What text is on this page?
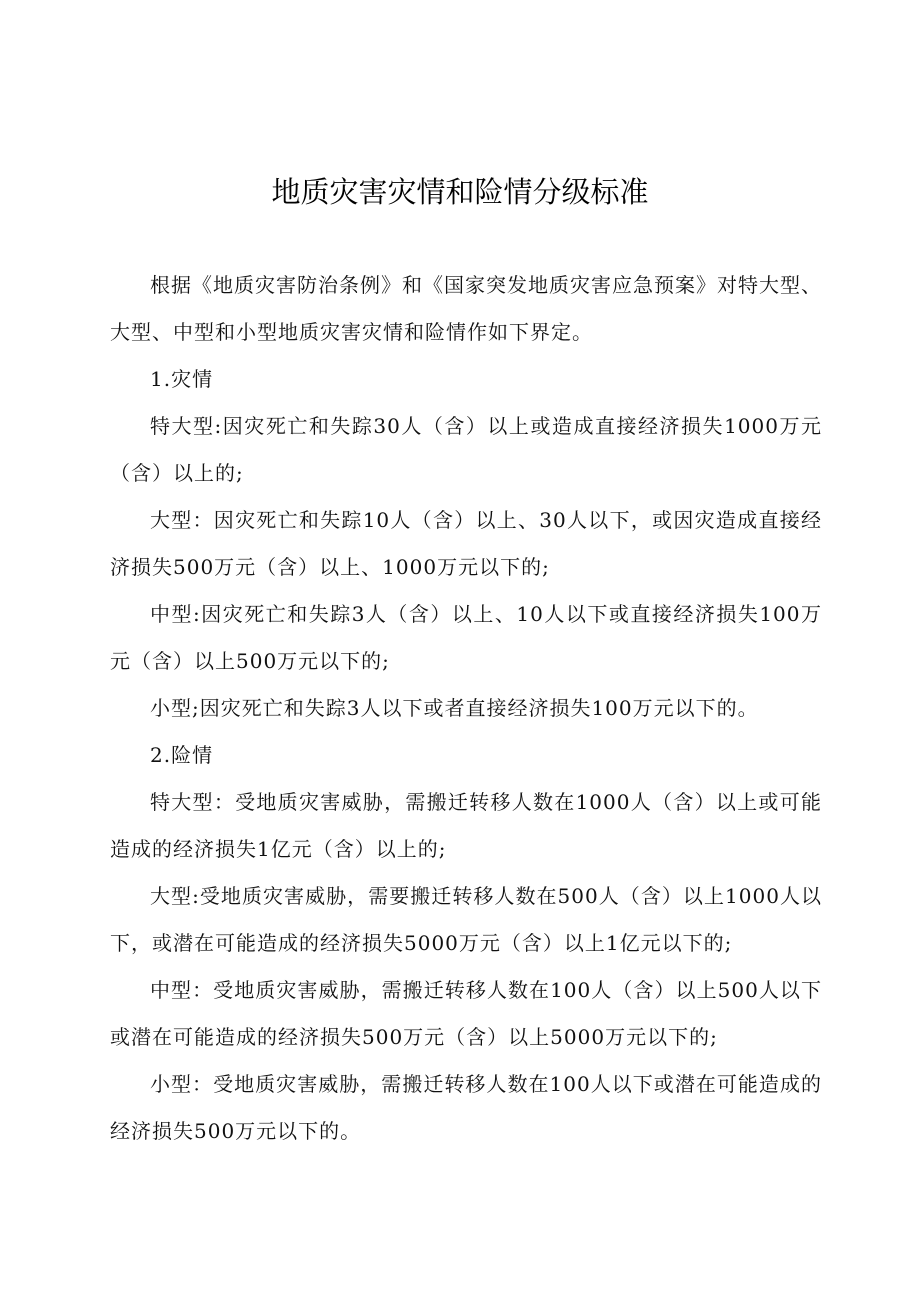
地质灾害灾情和险情分级标准

根据《地质灾害防治条例》和《国家突发地质灾害应急预案》对特大型、大型、中型和小型地质灾害灾情和险情作如下界定。

1.灾情

特大型:因灾死亡和失踪30人（含）以上或造成直接经济损失1000万元（含）以上的;

大型：因灾死亡和失踪10人（含）以上、30人以下，或因灾造成直接经济损失500万元（含）以上、1000万元以下的;

中型:因灾死亡和失踪3人（含）以上、10人以下或直接经济损失100万元（含）以上500万元以下的;

小型;因灾死亡和失踪3人以下或者直接经济损失100万元以下的。

2.险情

特大型：受地质灾害威胁，需搬迁转移人数在1000人（含）以上或可能造成的经济损失1亿元（含）以上的;

大型:受地质灾害威胁，需要搬迁转移人数在500人（含）以上1000人以下，或潜在可能造成的经济损失5000万元（含）以上1亿元以下的;

中型：受地质灾害威胁，需搬迁转移人数在100人（含）以上500人以下或潜在可能造成的经济损失500万元（含）以上5000万元以下的;

小型：受地质灾害威胁，需搬迁转移人数在100人以下或潜在可能造成的经济损失500万元以下的。
